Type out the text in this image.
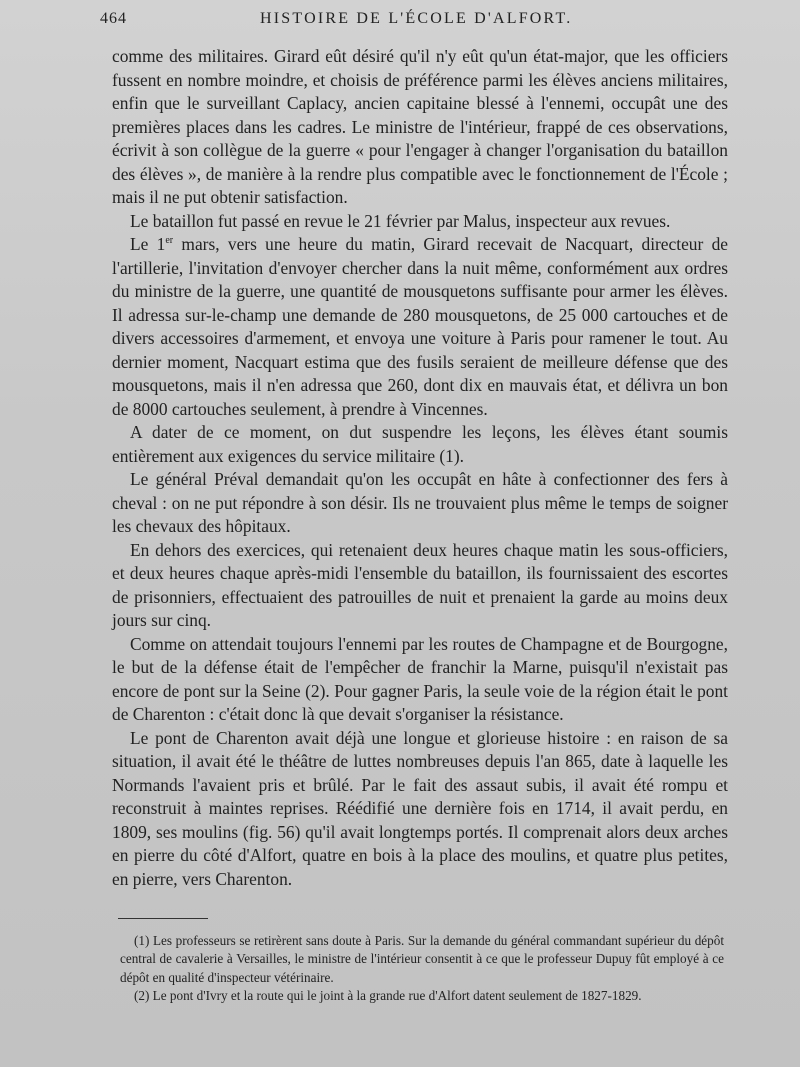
464	HISTOIRE DE L'ÉCOLE D'ALFORT.

comme des militaires. Girard eût désiré qu'il n'y eût qu'un état-major, que les officiers fussent en nombre moindre, et choisis de préférence parmi les élèves anciens militaires, enfin que le surveillant Caplacy, ancien capitaine blessé à l'ennemi, occupât une des premières places dans les cadres. Le ministre de l'intérieur, frappé de ces observations, écrivit à son collègue de la guerre « pour l'engager à changer l'organisation du bataillon des élèves », de manière à la rendre plus compatible avec le fonctionnement de l'École ; mais il ne put obtenir satisfaction.

Le bataillon fut passé en revue le 21 février par Malus, inspecteur aux revues.

Le 1er mars, vers une heure du matin, Girard recevait de Nacquart, directeur de l'artillerie, l'invitation d'envoyer chercher dans la nuit même, conformément aux ordres du ministre de la guerre, une quantité de mousquetons suffisante pour armer les élèves. Il adressa sur-le-champ une demande de 280 mousquetons, de 25 000 cartouches et de divers accessoires d'armement, et envoya une voiture à Paris pour ramener le tout. Au dernier moment, Nacquart estima que des fusils seraient de meilleure défense que des mousquetons, mais il n'en adressa que 260, dont dix en mauvais état, et délivra un bon de 8000 cartouches seulement, à prendre à Vincennes.

A dater de ce moment, on dut suspendre les leçons, les élèves étant soumis entièrement aux exigences du service militaire (1).

Le général Préval demandait qu'on les occupât en hâte à confectionner des fers à cheval : on ne put répondre à son désir. Ils ne trouvaient plus même le temps de soigner les chevaux des hôpitaux.

En dehors des exercices, qui retenaient deux heures chaque matin les sous-officiers, et deux heures chaque après-midi l'ensemble du bataillon, ils fournissaient des escortes de prisonniers, effectuaient des patrouilles de nuit et prenaient la garde au moins deux jours sur cinq.

Comme on attendait toujours l'ennemi par les routes de Champagne et de Bourgogne, le but de la défense était de l'empêcher de franchir la Marne, puisqu'il n'existait pas encore de pont sur la Seine (2). Pour gagner Paris, la seule voie de la région était le pont de Charenton : c'était donc là que devait s'organiser la résistance.

Le pont de Charenton avait déjà une longue et glorieuse histoire : en raison de sa situation, il avait été le théâtre de luttes nombreuses depuis l'an 865, date à laquelle les Normands l'avaient pris et brûlé. Par le fait des assaut subis, il avait été rompu et reconstruit à maintes reprises. Réédifié une dernière fois en 1714, il avait perdu, en 1809, ses moulins (fig. 56) qu'il avait longtemps portés. Il comprenait alors deux arches en pierre du côté d'Alfort, quatre en bois à la place des moulins, et quatre plus petites, en pierre, vers Charenton.

(1) Les professeurs se retirèrent sans doute à Paris. Sur la demande du général commandant supérieur du dépôt central de cavalerie à Versailles, le ministre de l'intérieur consentit à ce que le professeur Dupuy fût employé à ce dépôt en qualité d'inspecteur vétérinaire.

(2) Le pont d'Ivry et la route qui le joint à la grande rue d'Alfort datent seulement de 1827-1829.
